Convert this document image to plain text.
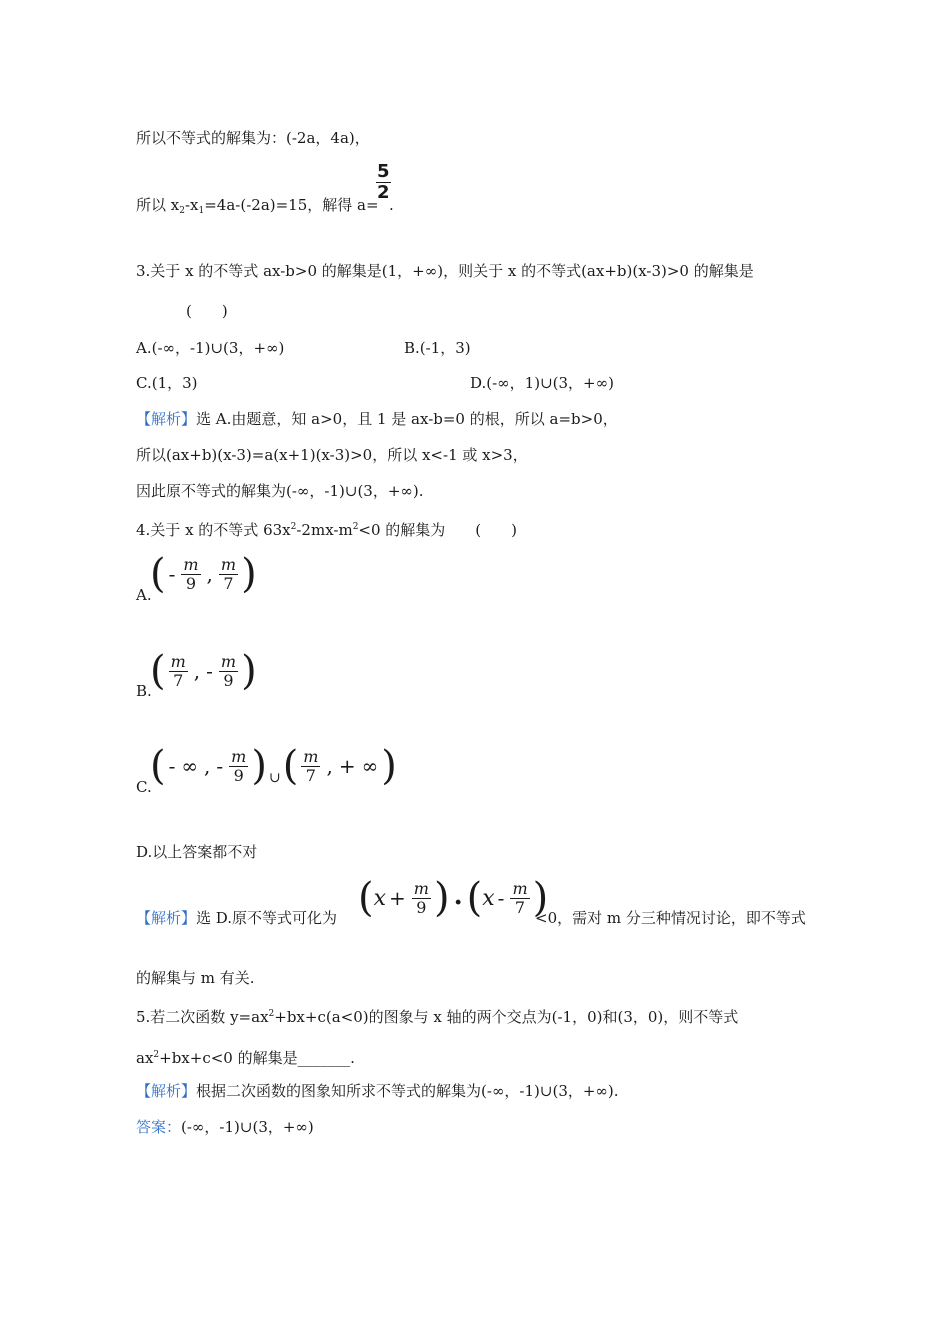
所以不等式的解集为：(-2a，4a)，
所以 $x_2-x_1=4a-(-2a)=15$，解得 a=
5
2
.
3.关于 x 的不等式 ax-b>0 的解集是(1，+∞)，则关于 x 的不等式(ax+b)(x-3)>0 的解集是
(　　)
A.(-∞，-1)∪(3，+∞)	B.(-1，3)
C.(1，3)	D.(-∞，1)∪(3，+∞)
【解析】选 A.由题意，知 a>0，且 1 是 ax-b=0 的根，所以 a=b>0，
所以(ax+b)(x-3)=a(x+1)(x-3)>0，所以 x<-1 或 x>3，
因此原不等式的解集为(-∞，-1)∪(3，+∞).
4.关于 x 的不等式 $63x^2-2mx-m^2<0$ 的解集为　　(　　)
A.
( - $\frac{m}{9}$ , $\frac{m}{7}$ )
B.
( $\frac{m}{7}$ , - $\frac{m}{9}$ )
C.
( - ∞ , - $\frac{m}{9}$ ) ∪ ( $\frac{m}{7}$ , + ∞ )
D.以上答案都不对
【解析】选 D.原不等式可化为 ( $x + \frac{m}{9}$ ) · ( x - $\frac{m}{7}$ )
<0，需对 m 分三种情况讨论，即不等式
的解集与 m 有关.
5.若二次函数 $y=ax^2+bx+c(a<0)$的图象与 x 轴的两个交点为(-1，0)和(3，0)，则不等式
$ax^2+bx+c<0$ 的解集是_______.
【解析】根据二次函数的图象知所求不等式的解集为(-∞，-1)∪(3，+∞).
答案：(-∞，-1)∪(3，+∞)
